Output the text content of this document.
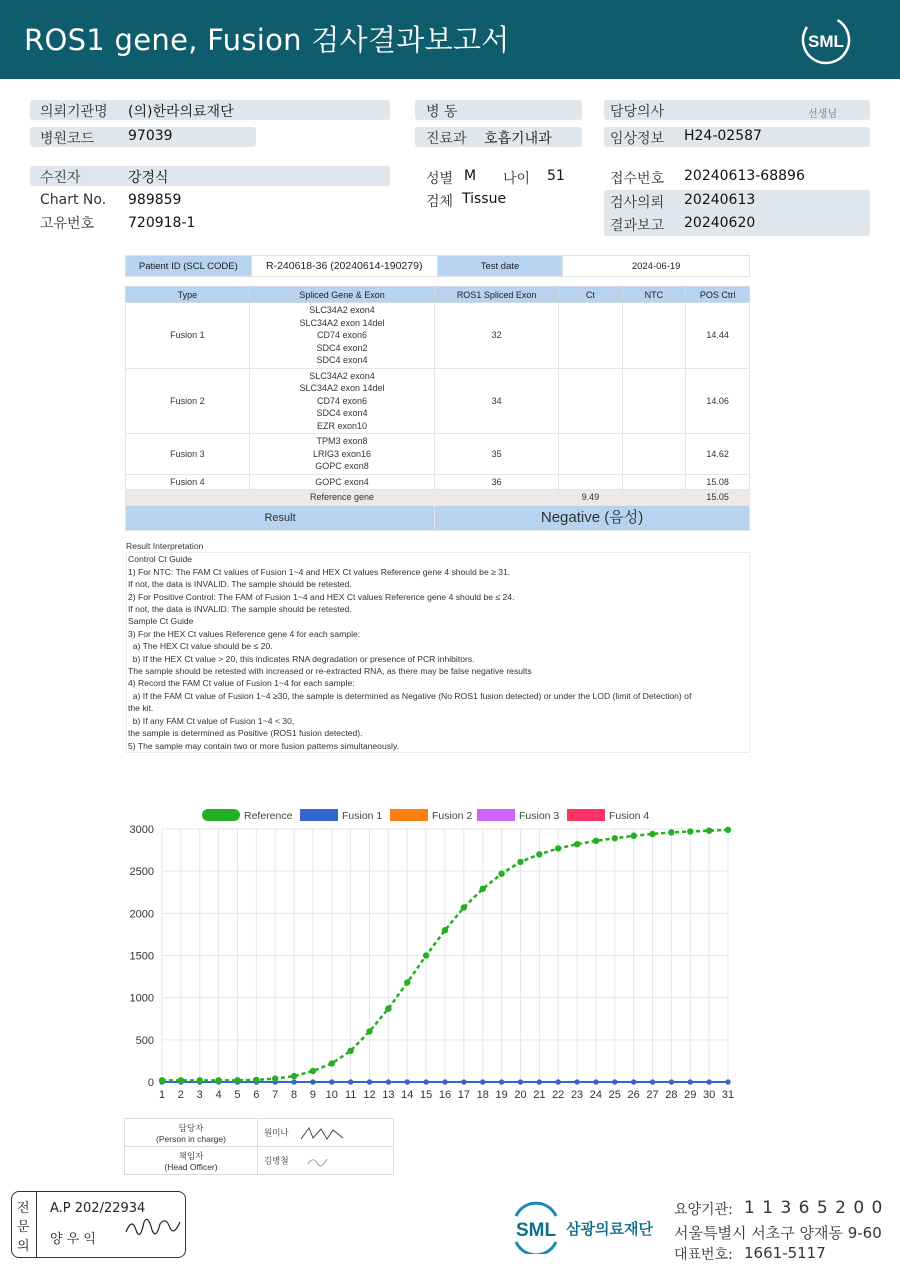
ROS1 gene, Fusion 검사결과보고서	SML
의뢰기관명 (의)한라의료재단
병원코드 97039
수진자	강경식
Chart No. 989859
고유번호 720918-1
병 동
진료과 호흡기내과
성별 M 나이 51
검체 Tissue
담당의사	선생님
임상정보 H24-02587
접수번호 20240613-68896
검사의뢰 20240613
결과보고 20240620
Patient ID (SCL CODE)	R-240618-36 (20240614-190279)	Test date	2024-06-19
Type	Spliced Gene & Exon	ROS1 Spliced Exon	Ct	NTC	POS Ctrl
Fusion 1	SLC34A2 exon4
SLC34A2 exon 14del
CD74 exon6
SDC4 exon2
SDC4 exon4	32			14.44
Fusion 2	SLC34A2 exon4
SLC34A2 exon 14del
CD74 exon6
SDC4 exon4
EZR exon10	34			14.06
Fusion 3	TPM3 exon8
LRIG3 exon16
GOPC exon8	35			14.62
Fusion 4	GOPC exon4	36			15.08
Reference gene			9.49		15.05
Result		Negative (음성)			
Result Interpretation
Control Ct Guide
1) For NTC: The FAM Ct values of Fusion 1~4 and HEX Ct values Reference gene 4 should be ≥ 31.
If not, the data is INVALID. The sample should be retested.
2) For Positive Control: The FAM of Fusion 1~4 and HEX Ct values Reference gene 4 should be ≤ 24.
If not, the data is INVALID. The sample should be retested.
Sample Ct Guide
3) For the HEX Ct values Reference gene 4 for each sample:
a) The HEX Ct value should be ≤ 20.
b) If the HEX Ct value > 20, this indicates RNA degradation or presence of PCR inhibitors.
The sample should be retested with increased or re-extracted RNA, as there may be false negative results
4) Record the FAM Ct value of Fusion 1~4 for each sample:
a) If the FAM Ct value of Fusion 1~4 ≥30, the sample is determined as Negative (No ROS1 fusion detected) or under the LOD (limit of Detection) of
the kit.
b) If any FAM Ct value of Fusion 1~4 < 30,
the sample is determined as Positive (ROS1 fusion detected).
5) The sample may contain two or more fusion patterns simultaneously.
1 2 3 4 5 6 7 8 9 10 11 12 13 14 15 16 17 18 19 20 21 22 23 24 25 26 27 28 29 30 31
0
500
1000
1500
2000
2500
3000
Reference	Fusion 1	Fusion 2	Fusion 3	Fusion 4
담당자
(Person in charge)	원미나

책임자
(Head Officer)	김병철
전
문
의
A.P 202/22934
양 우 익	SML 삼광의료재단
요양기관: 1 1 3 6 5 2 0 0
서울특별시 서초구 양재동 9-60
대표번호: 1661-5117
